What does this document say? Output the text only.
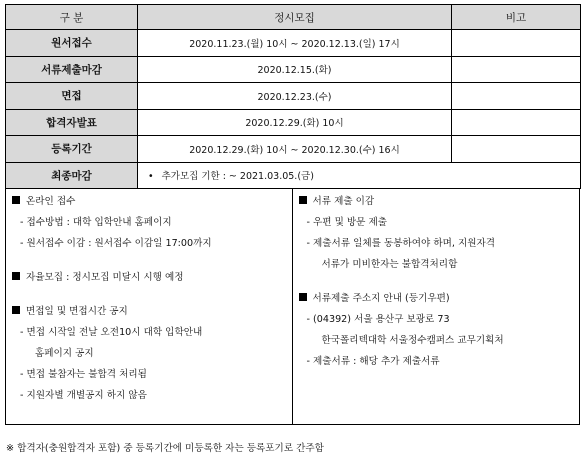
구 분	정시모집	비고
원서접수	2020.11.23.(월) 10시 ~ 2020.12.13.(일) 17시	
서류제출마감	2020.12.15.(화)	
면접	2020.12.23.(수)	
합격자발표	2020.12.29.(화) 10시	
등록기간	2020.12.29.(화) 10시 ~ 2020.12.30.(수) 16시	
최종마감	• 추가모집 기한 : ~ 2021.03.05.(금)	
온라인 접수
- 접수방법 : 대학 입학안내 홈페이지
- 원서접수 이감 : 원서접수 이감일 17:00까지
자율모집 : 정시모집 미달시 시행 예정
면접일 및 면접시간 공지
- 면접 시작일 전날 오전10시 대학 입학안내
홈페이지 공지
- 면접 불참자는 불합격 처리됨
- 지원자별 개별공지 하지 않음
서류 제출 이감
- 우편 및 방문 제출
- 제출서류 일체를 동봉하여야 하며, 지원자격
서류가 미비한자는 불합격처리함
서류제출 주소지 안내 (등기우편)
- (04392) 서울 용산구 보광로 73
한국폴리텍대학 서울정수캠퍼스 교무기획처
- 제출서류 : 해당 추가 제출서류
※ 합격자(충원합격자 포함) 중 등록기간에 미등록한 자는 등록포기로 간주함
